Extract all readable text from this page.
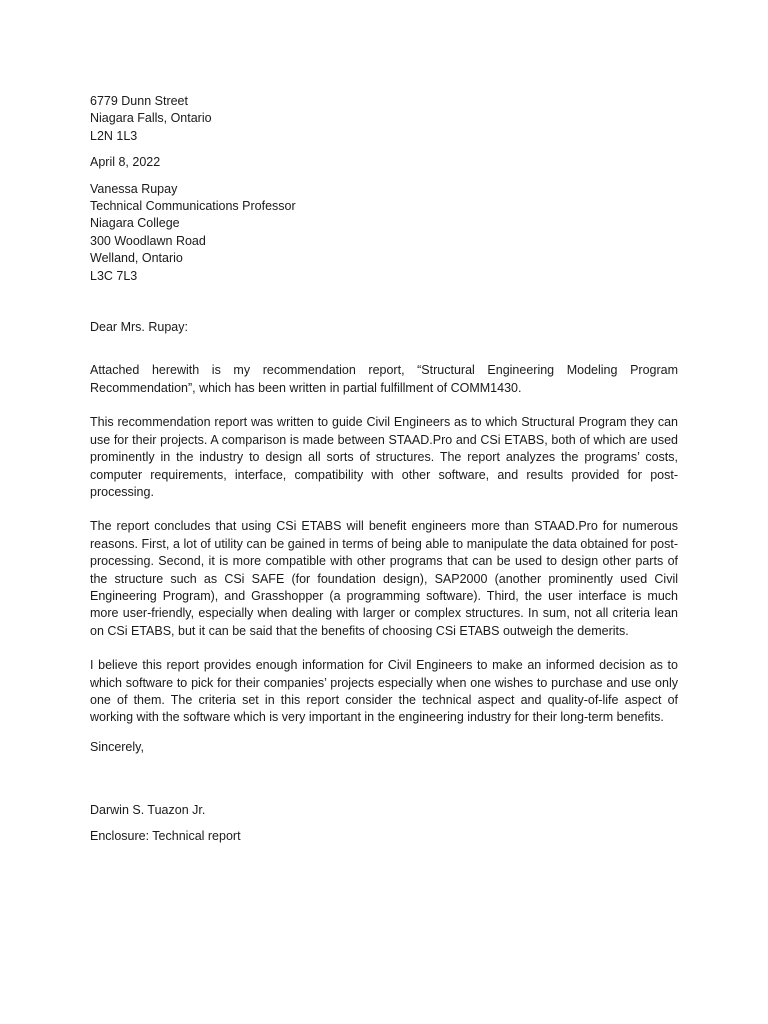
6779 Dunn Street
Niagara Falls, Ontario
L2N 1L3
April 8, 2022
Vanessa Rupay
Technical Communications Professor
Niagara College
300 Woodlawn Road
Welland, Ontario
L3C 7L3
Dear Mrs. Rupay:

Attached herewith is my recommendation report, “Structural Engineering Modeling Program Recommendation”, which has been written in partial fulfillment of COMM1430.

This recommendation report was written to guide Civil Engineers as to which Structural Program they can use for their projects. A comparison is made between STAAD.Pro and CSi ETABS, both of which are used prominently in the industry to design all sorts of structures. The report analyzes the programs’ costs, computer requirements, interface, compatibility with other software, and results provided for post-processing.

The report concludes that using CSi ETABS will benefit engineers more than STAAD.Pro for numerous reasons. First, a lot of utility can be gained in terms of being able to manipulate the data obtained for post-processing. Second, it is more compatible with other programs that can be used to design other parts of the structure such as CSi SAFE (for foundation design), SAP2000 (another prominently used Civil Engineering Program), and Grasshopper (a programming software). Third, the user interface is much more user-friendly, especially when dealing with larger or complex structures. In sum, not all criteria lean on CSi ETABS, but it can be said that the benefits of choosing CSi ETABS outweigh the demerits.

I believe this report provides enough information for Civil Engineers to make an informed decision as to which software to pick for their companies’ projects especially when one wishes to purchase and use only one of them. The criteria set in this report consider the technical aspect and quality-of-life aspect of working with the software which is very important in the engineering industry for their long-term benefits.

Sincerely,
Darwin S. Tuazon Jr.
Enclosure: Technical report
